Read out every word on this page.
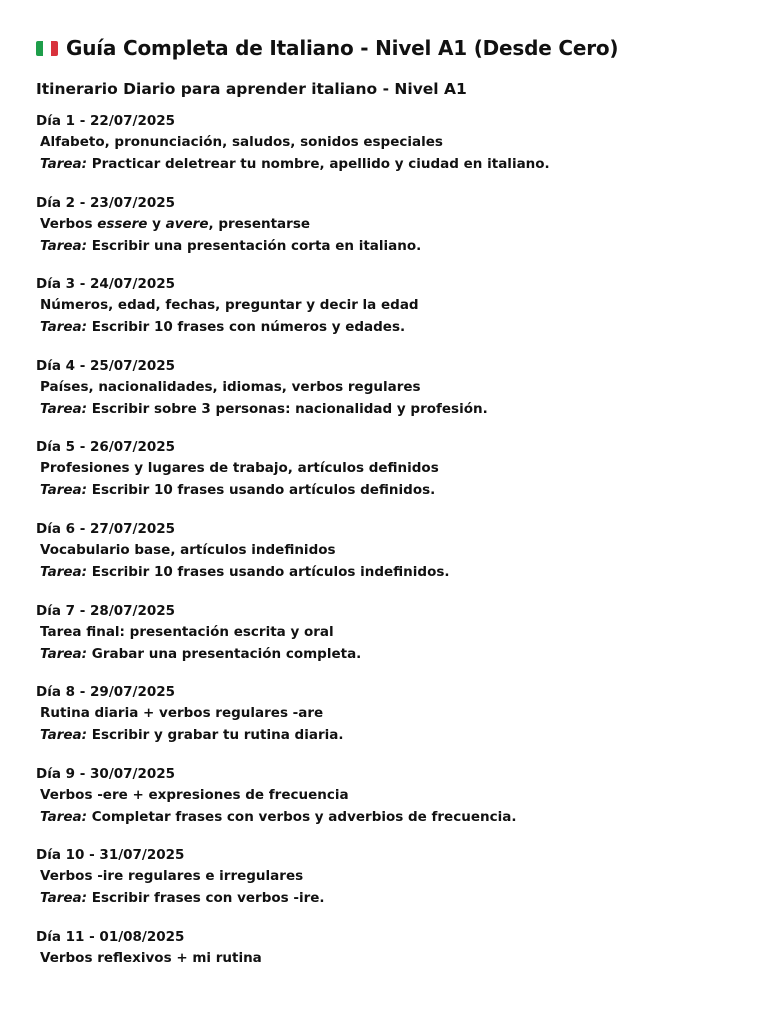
Guía Completa de Italiano - Nivel A1 (Desde Cero)
Itinerario Diario para aprender italiano - Nivel A1
Día 1 - 22/07/2025
Alfabeto, pronunciación, saludos, sonidos especiales
Tarea: Practicar deletrear tu nombre, apellido y ciudad en italiano.
Día 2 - 23/07/2025
Verbos essere y avere, presentarse
Tarea: Escribir una presentación corta en italiano.
Día 3 - 24/07/2025
Números, edad, fechas, preguntar y decir la edad
Tarea: Escribir 10 frases con números y edades.
Día 4 - 25/07/2025
Países, nacionalidades, idiomas, verbos regulares
Tarea: Escribir sobre 3 personas: nacionalidad y profesión.
Día 5 - 26/07/2025
Profesiones y lugares de trabajo, artículos definidos
Tarea: Escribir 10 frases usando artículos definidos.
Día 6 - 27/07/2025
Vocabulario base, artículos indefinidos
Tarea: Escribir 10 frases usando artículos indefinidos.
Día 7 - 28/07/2025
Tarea final: presentación escrita y oral
Tarea: Grabar una presentación completa.
Día 8 - 29/07/2025
Rutina diaria + verbos regulares -are
Tarea: Escribir y grabar tu rutina diaria.
Día 9 - 30/07/2025
Verbos -ere + expresiones de frecuencia
Tarea: Completar frases con verbos y adverbios de frecuencia.
Día 10 - 31/07/2025
Verbos -ire regulares e irregulares
Tarea: Escribir frases con verbos -ire.
Día 11 - 01/08/2025
Verbos reflexivos + mi rutina
